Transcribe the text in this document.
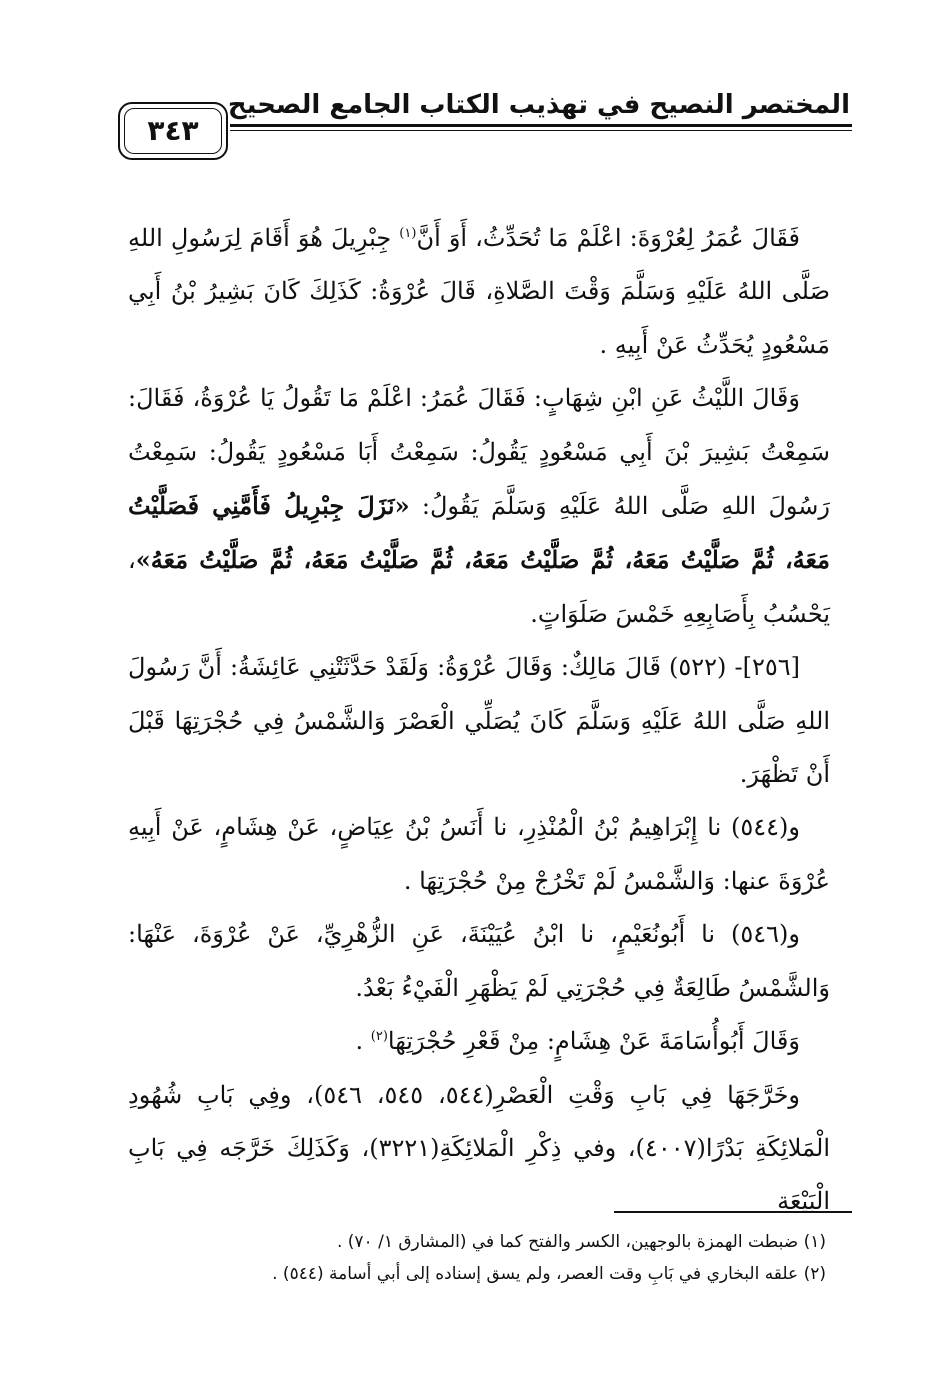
المختصر النصيح في تهذيب الكتاب الجامع الصحيح
٣٤٣

فَقَالَ عُمَرُ لِعُرْوَةَ: اعْلَمْ مَا تُحَدِّثُ، أَوَ أَنَّ$^{(١)}$ جِبْرِيلَ هُوَ أَقَامَ لِرَسُولِ اللهِ صَلَّى اللهُ عَلَيْهِ وَسَلَّمَ وَقْتَ الصَّلاةِ، قَالَ عُرْوَةُ: كَذَلِكَ كَانَ بَشِيرُ بْنُ أَبِي مَسْعُودٍ يُحَدِّثُ عَنْ أَبِيهِ .

وَقَالَ اللَّيْثُ عَنِ ابْنِ شِهَابٍ: فَقَالَ عُمَرُ: اعْلَمْ مَا تَقُولُ يَا عُرْوَةُ، فَقَالَ: سَمِعْتُ بَشِيرَ بْنَ أَبِي مَسْعُودٍ يَقُولُ: سَمِعْتُ أَبَا مَسْعُودٍ يَقُولُ: سَمِعْتُ رَسُولَ اللهِ صَلَّى اللهُ عَلَيْهِ وَسَلَّمَ يَقُولُ: «نَزَلَ جِبْرِيلُ فَأَمَّنِي فَصَلَّيْتُ مَعَهُ، ثُمَّ صَلَّيْتُ مَعَهُ، ثُمَّ صَلَّيْتُ مَعَهُ، ثُمَّ صَلَّيْتُ مَعَهُ، ثُمَّ صَلَّيْتُ مَعَهُ»، يَحْسُبُ بِأَصَابِعِهِ خَمْسَ صَلَوَاتٍ.

[٢٥٦]- (٥٢٢) قَالَ مَالِكٌ: وَقَالَ عُرْوَةُ: وَلَقَدْ حَدَّثَتْنِي عَائِشَةُ: أَنَّ رَسُولَ اللهِ صَلَّى اللهُ عَلَيْهِ وَسَلَّمَ كَانَ يُصَلِّي الْعَصْرَ وَالشَّمْسُ فِي حُجْرَتِهَا قَبْلَ أَنْ تَظْهَرَ.

و(٥٤٤) نا إِبْرَاهِيمُ بْنُ الْمُنْذِرِ، نا أَنَسُ بْنُ عِيَاضٍ، عَنْ هِشَامٍ، عَنْ أَبِيهِ عُرْوَةَ عنها: وَالشَّمْسُ لَمْ تَخْرُجْ مِنْ حُجْرَتِهَا .

و(٥٤٦) نا أَبُونُعَيْمٍ، نا ابْنُ عُيَيْنَةَ، عَنِ الزُّهْرِيِّ، عَنْ عُرْوَةَ، عَنْهَا: وَالشَّمْسُ طَالِعَةٌ فِي حُجْرَتِي لَمْ يَظْهَرِ الْفَيْءُ بَعْدُ.

وَقَالَ أَبُوأُسَامَةَ عَنْ هِشَامٍ: مِنْ قَعْرِ حُجْرَتِهَا$^{(٢)}$ .

وخَرَّجَهَا فِي بَابِ وَقْتِ الْعَصْرِ(٥٤٤، ٥٤٥، ٥٤٦)، وفِي بَابِ شُهُودِ الْمَلائِكَةِ بَدْرًا(٤٠٠٧)، وفي ذِكْرِ الْمَلائِكَةِ(٣٢٢١)، وَكَذَلِكَ خَرَّجَه فِي بَابِ الْبَيْعَة

(١) ضبطت الهمزة بالوجهين، الكسر والفتح كما في (المشارق ١/ ٧٠) .

(٢) علقه البخاري في بَابِ وقت العصر، ولم يسق إسناده إلى أبي أسامة (٥٤٤) .
